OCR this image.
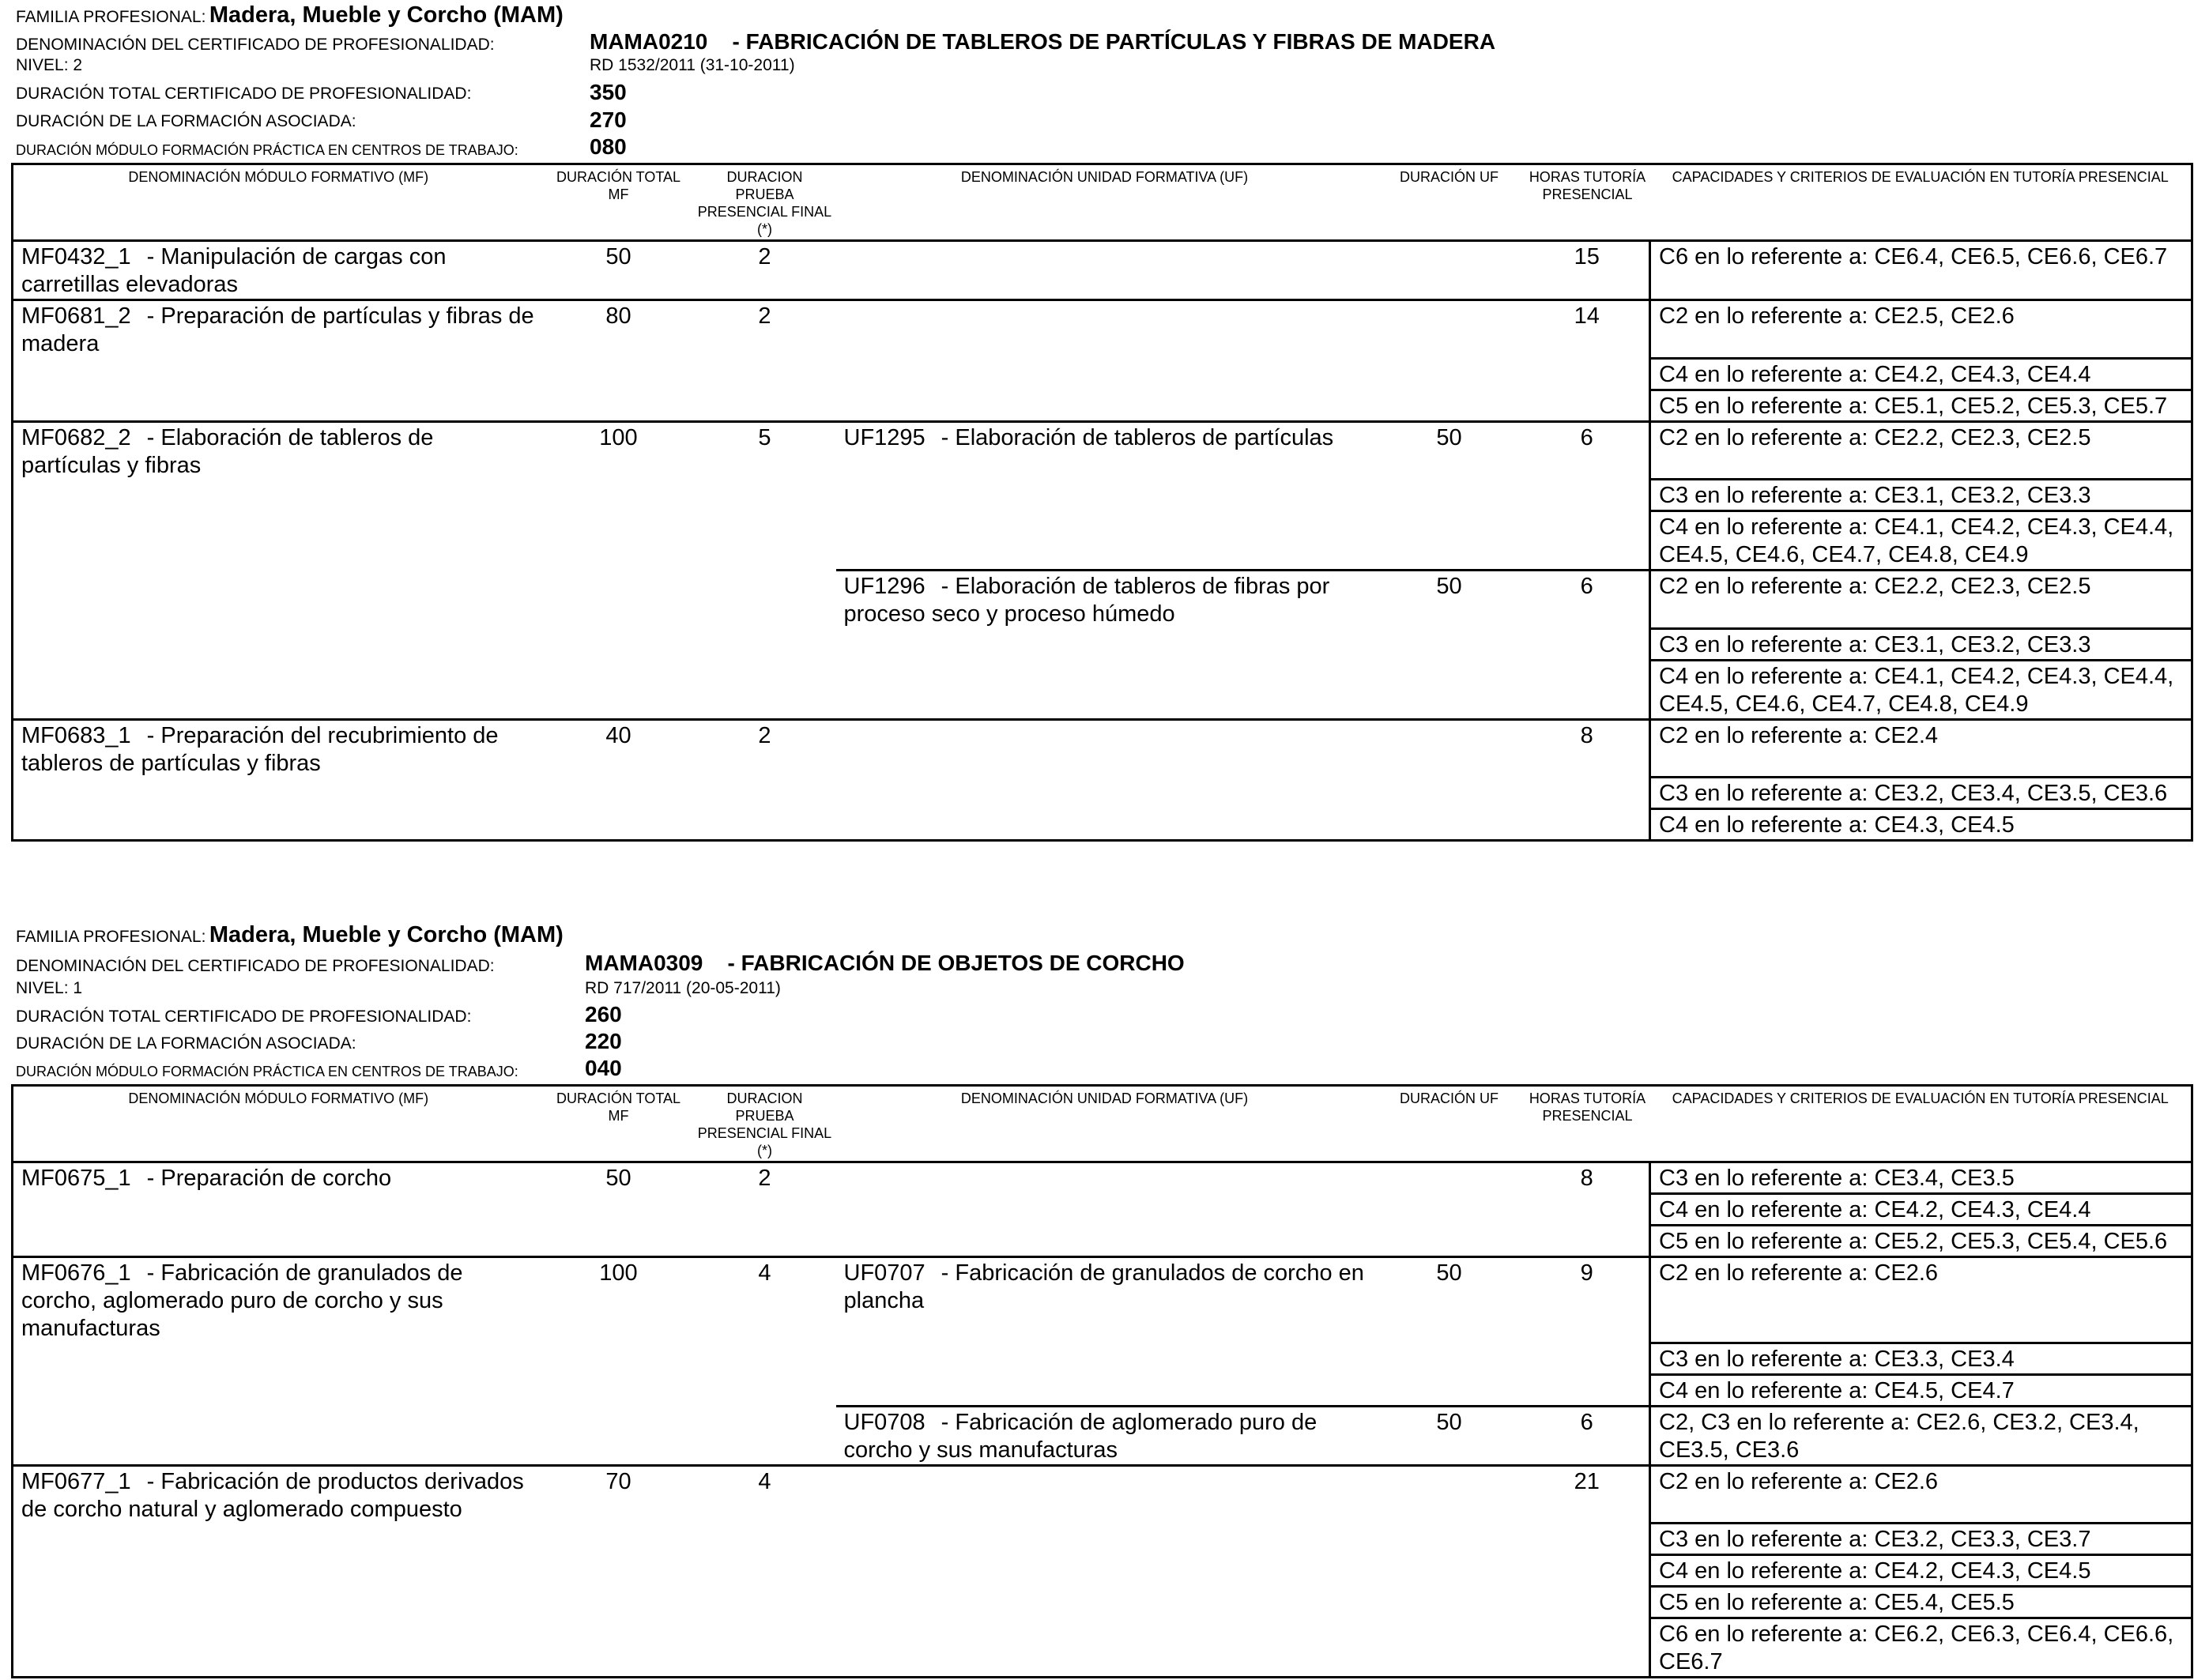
FAMILIA PROFESIONAL: Madera, Mueble y Corcho (MAM)
DENOMINACIÓN DEL CERTIFICADO DE PROFESIONALIDAD:	MAMA0210 - FABRICACIÓN DE TABLEROS DE PARTÍCULAS Y FIBRAS DE MADERA
NIVEL: 2	RD 1532/2011 (31-10-2011)
DURACIÓN TOTAL CERTIFICADO DE PROFESIONALIDAD:	350
DURACIÓN DE LA FORMACIÓN ASOCIADA:	270
DURACIÓN MÓDULO FORMACIÓN PRÁCTICA EN CENTROS DE TRABAJO:	080
DENOMINACIÓN MÓDULO FORMATIVO (MF)	DURACIÓN TOTAL MF	DURACION PRUEBA PRESENCIAL FINAL (*)	DENOMINACIÓN UNIDAD FORMATIVA (UF)	DURACIÓN UF	HORAS TUTORÍA PRESENCIAL	CAPACIDADES Y CRITERIOS DE EVALUACIÓN EN TUTORÍA PRESENCIAL
MF0432_1 - Manipulación de cargas con carretillas elevadoras	50	2			15	C6 en lo referente a: CE6.4, CE6.5, CE6.6, CE6.7
MF0681_2 - Preparación de partículas y fibras de madera	80	2			14	C2 en lo referente a: CE2.5, CE2.6
						C4 en lo referente a: CE4.2, CE4.3, CE4.4
						C5 en lo referente a: CE5.1, CE5.2, CE5.3, CE5.7
MF0682_2 - Elaboración de tableros de partículas y fibras	100	5	UF1295 - Elaboración de tableros de partículas	50	6	C2 en lo referente a: CE2.2, CE2.3, CE2.5
						C3 en lo referente a: CE3.1, CE3.2, CE3.3
						C4 en lo referente a: CE4.1, CE4.2, CE4.3, CE4.4, CE4.5, CE4.6, CE4.7, CE4.8, CE4.9
			UF1296 - Elaboración de tableros de fibras por proceso seco y proceso húmedo	50	6	C2 en lo referente a: CE2.2, CE2.3, CE2.5
						C3 en lo referente a: CE3.1, CE3.2, CE3.3
						C4 en lo referente a: CE4.1, CE4.2, CE4.3, CE4.4, CE4.5, CE4.6, CE4.7, CE4.8, CE4.9
MF0683_1 - Preparación del recubrimiento de tableros de partículas y fibras	40	2			8	C2 en lo referente a: CE2.4
						C3 en lo referente a: CE3.2, CE3.4, CE3.5, CE3.6
						C4 en lo referente a: CE4.3, CE4.5
FAMILIA PROFESIONAL: Madera, Mueble y Corcho (MAM)
DENOMINACIÓN DEL CERTIFICADO DE PROFESIONALIDAD:	MAMA0309 - FABRICACIÓN DE OBJETOS DE CORCHO
NIVEL: 1	RD 717/2011 (20-05-2011)
DURACIÓN TOTAL CERTIFICADO DE PROFESIONALIDAD:	260
DURACIÓN DE LA FORMACIÓN ASOCIADA:	220
DURACIÓN MÓDULO FORMACIÓN PRÁCTICA EN CENTROS DE TRABAJO:	040
DENOMINACIÓN MÓDULO FORMATIVO (MF)	DURACIÓN TOTAL MF	DURACION PRUEBA PRESENCIAL FINAL (*)	DENOMINACIÓN UNIDAD FORMATIVA (UF)	DURACIÓN UF	HORAS TUTORÍA PRESENCIAL	CAPACIDADES Y CRITERIOS DE EVALUACIÓN EN TUTORÍA PRESENCIAL
MF0675_1 - Preparación de corcho	50	2			8	C3 en lo referente a: CE3.4, CE3.5
						C4 en lo referente a: CE4.2, CE4.3, CE4.4
						C5 en lo referente a: CE5.2, CE5.3, CE5.4, CE5.6
MF0676_1 - Fabricación de granulados de corcho, aglomerado puro de corcho y sus manufacturas	100	4	UF0707 - Fabricación de granulados de corcho en plancha	50	9	C2 en lo referente a: CE2.6
						C3 en lo referente a: CE3.3, CE3.4
						C4 en lo referente a: CE4.5, CE4.7
			UF0708 - Fabricación de aglomerado puro de corcho y sus manufacturas	50	6	C2, C3 en lo referente a: CE2.6, CE3.2, CE3.4, CE3.5, CE3.6
MF0677_1 - Fabricación de productos derivados de corcho natural y aglomerado compuesto	70	4			21	C2 en lo referente a: CE2.6
						C3 en lo referente a: CE3.2, CE3.3, CE3.7
						C4 en lo referente a: CE4.2, CE4.3, CE4.5
						C5 en lo referente a: CE5.4, CE5.5
						C6 en lo referente a: CE6.2, CE6.3, CE6.4, CE6.6, CE6.7
